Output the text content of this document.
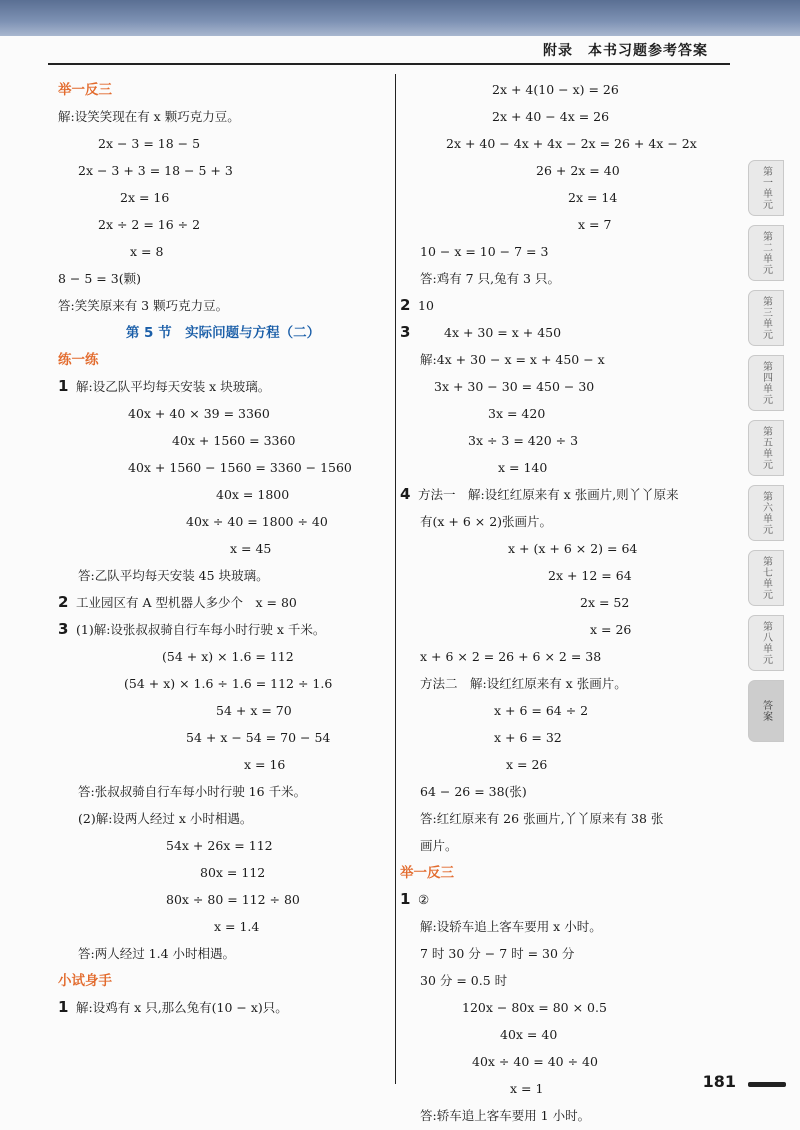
附录　本书习题参考答案
举一反三
解:设笑笑现在有 x 颗巧克力豆。
2x − 3 = 18 − 5
2x − 3 + 3 = 18 − 5 + 3
2x = 16
2x ÷ 2 = 16 ÷ 2
x = 8
8 − 5 = 3(颗)
答:笑笑原来有 3 颗巧克力豆。
第 5 节　实际问题与方程（二）
练一练
1 解:设乙队平均每天安装 x 块玻璃。
40x + 40 × 39 = 3360
40x + 1560 = 3360
40x + 1560 − 1560 = 3360 − 1560
40x = 1800
40x ÷ 40 = 1800 ÷ 40
x = 45
答:乙队平均每天安装 45 块玻璃。
2 工业园区有 A 型机器人多少个　x = 80
3 (1)解:设张叔叔骑自行车每小时行驶 x 千米。
(54 + x) × 1.6 = 112
(54 + x) × 1.6 ÷ 1.6 = 112 ÷ 1.6
54 + x = 70
54 + x − 54 = 70 − 54
x = 16
答:张叔叔骑自行车每小时行驶 16 千米。
(2)解:设两人经过 x 小时相遇。
54x + 26x = 112
80x = 112
80x ÷ 80 = 112 ÷ 80
x = 1.4
答:两人经过 1.4 小时相遇。
小试身手
1 解:设鸡有 x 只,那么兔有(10 − x)只。
2x + 4(10 − x) = 26
2x + 40 − 4x = 26
2x + 40 − 4x + 4x − 2x = 26 + 4x − 2x
26 + 2x = 40
2x = 14
x = 7
10 − x = 10 − 7 = 3
答:鸡有 7 只,兔有 3 只。
2 10
3	4x + 30 = x + 450
解:4x + 30 − x = x + 450 − x
3x + 30 − 30 = 450 − 30
3x = 420
3x ÷ 3 = 420 ÷ 3
x = 140
4 方法一　解:设红红原来有 x 张画片,则丫丫原来
有(x + 6 × 2)张画片。
x + (x + 6 × 2) = 64
2x + 12 = 64
2x = 52
x = 26
x + 6 × 2 = 26 + 6 × 2 = 38
方法二　解:设红红原来有 x 张画片。
x + 6 = 64 ÷ 2
x + 6 = 32
x = 26
64 − 26 = 38(张)
答:红红原来有 26 张画片,丫丫原来有 38 张
画片。
举一反三
1 ②
解:设轿车追上客车要用 x 小时。
7 时 30 分 − 7 时 = 30 分
30 分 = 0.5 时
120x − 80x = 80 × 0.5
40x = 40
40x ÷ 40 = 40 ÷ 40
x = 1
答:轿车追上客车要用 1 小时。
第一单元
第二单元
第三单元
第四单元
第五单元
第六单元
第七单元
第八单元
答案
181
